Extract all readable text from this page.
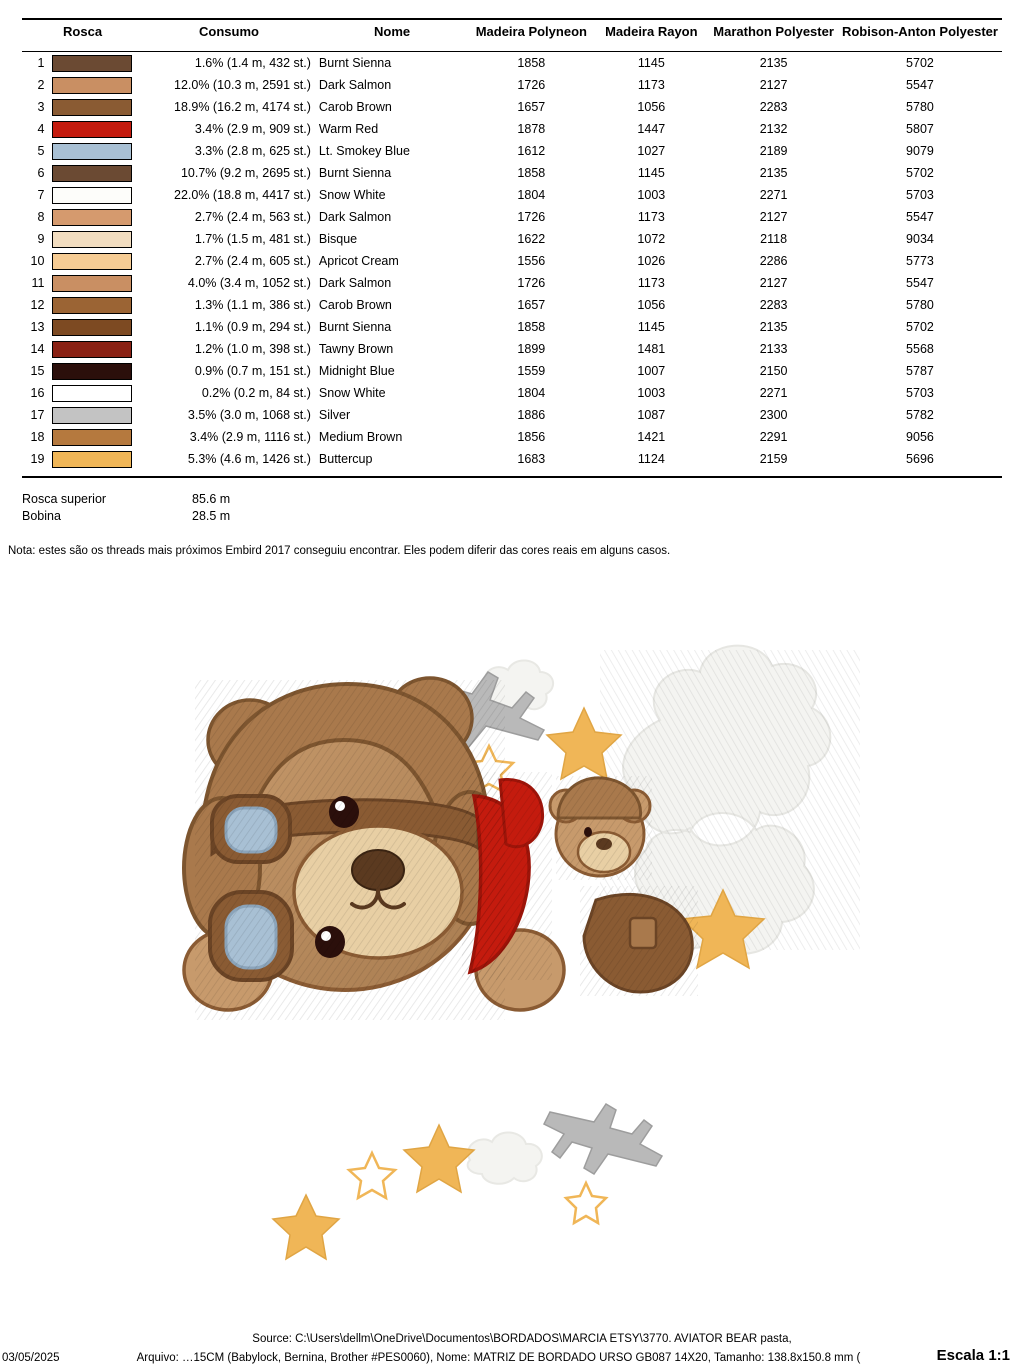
Rosca		Consumo	Nome	Madeira Polyneon	Madeira Rayon	Marathon Polyester	Robison-Anton Polyester

1		1.6% (1.4 m, 432 st.)	Burnt Sienna	1858	1145	2135	5702
2		12.0% (10.3 m, 2591 st.)	Dark Salmon	1726	1173	2127	5547
3		18.9% (16.2 m, 4174 st.)	Carob Brown	1657	1056	2283	5780
4		3.4% (2.9 m, 909 st.)	Warm Red	1878	1447	2132	5807
5		3.3% (2.8 m, 625 st.)	Lt. Smokey Blue	1612	1027	2189	9079
6		10.7% (9.2 m, 2695 st.)	Burnt Sienna	1858	1145	2135	5702
7		22.0% (18.8 m, 4417 st.)	Snow White	1804	1003	2271	5703
8		2.7% (2.4 m, 563 st.)	Dark Salmon	1726	1173	2127	5547
9		1.7% (1.5 m, 481 st.)	Bisque	1622	1072	2118	9034
10		2.7% (2.4 m, 605 st.)	Apricot Cream	1556	1026	2286	5773
11		4.0% (3.4 m, 1052 st.)	Dark Salmon	1726	1173	2127	5547
12		1.3% (1.1 m, 386 st.)	Carob Brown	1657	1056	2283	5780
13		1.1% (0.9 m, 294 st.)	Burnt Sienna	1858	1145	2135	5702
14		1.2% (1.0 m, 398 st.)	Tawny Brown	1899	1481	2133	5568
15		0.9% (0.7 m, 151 st.)	Midnight Blue	1559	1007	2150	5787
16		0.2% (0.2 m, 84 st.)	Snow White	1804	1003	2271	5703
17		3.5% (3.0 m, 1068 st.)	Silver	1886	1087	2300	5782
18		3.4% (2.9 m, 1116 st.)	Medium Brown	1856	1421	2291	9056
19		5.3% (4.6 m, 1426 st.)	Buttercup	1683	1124	2159	5696

Rosca superior	85.6 m
Bobina	28.5 m
Nota: estes são os threads mais próximos Embird 2017 conseguiu encontrar. Eles podem diferir das cores reais em alguns casos.
Source: C:\Users\dellm\OneDrive\Documentos\BORDADOS\MARCIA ETSY\3770. AVIATOR BEAR pasta,
03/05/2025	Arquivo: …15CM (Babylock, Bernina, Brother #PES0060), Nome: MATRIZ DE BORDADO URSO GB087 14X20, Tamanho: 138.8x150.8 mm (	Escala 1:1
